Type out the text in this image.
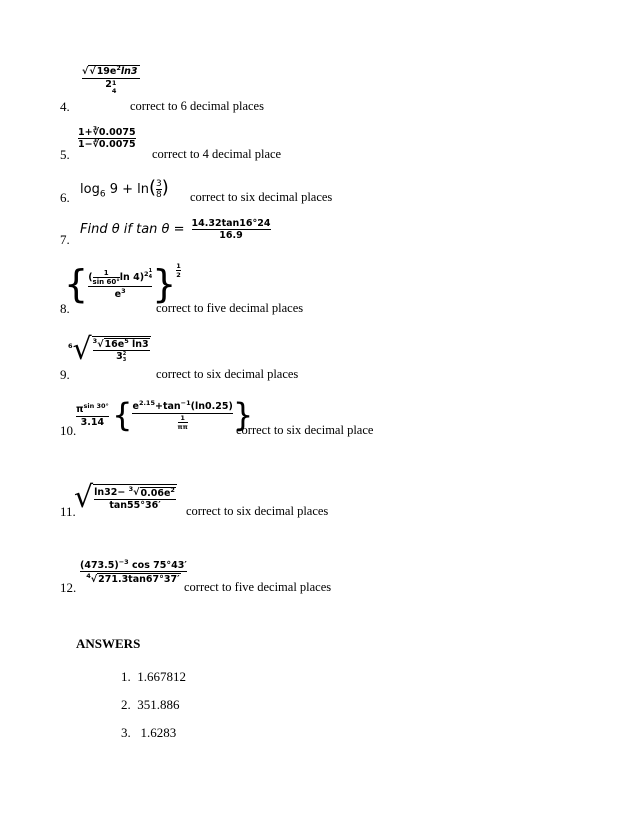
$√√19e^2\ln 3$
21
4
4.	correct to 6 decimal places
$\frac{1+∛0.0075}{1-∛0.0075}$
5.	correct to 4 decimal place
$\log_6 9 + \ln(\frac{3}{8}$ )
6.	correct to six decimal places
Find θ if $\tan \theta = \frac{14.32\tan 16^\circ 24}{16.9}$
7.
{ ($\frac{1}{\sin 60^\circ}$ ln 4)$^{21 4}$
$e^3$ }$^{\frac{1}{2}}$
8.	correct to five decimal places
$^6$√ $^3√16e^5$ ln3
32
3
9.	correct to six decimal places
$\frac{\pi^{sin 30^\circ}}{3.14}$ { $e^{2.15}+\tan^{-1}(\ln 0.25)$
$\frac{1}{\pi\pi}$ }
10.	correct to six decimal place
√ $\frac{\ln 32- ^3√0.06e^2}{\tan 55^\circ 36'}$
11.	correct to six decimal places
$\frac{(473.5)^{-3} \cos 75^\circ 43'}{^4√271.3\tan 67^\circ 37'}$
12.	correct to five decimal places
ANSWERS
1. 1.667812
2. 351.886
3. 1.6283
